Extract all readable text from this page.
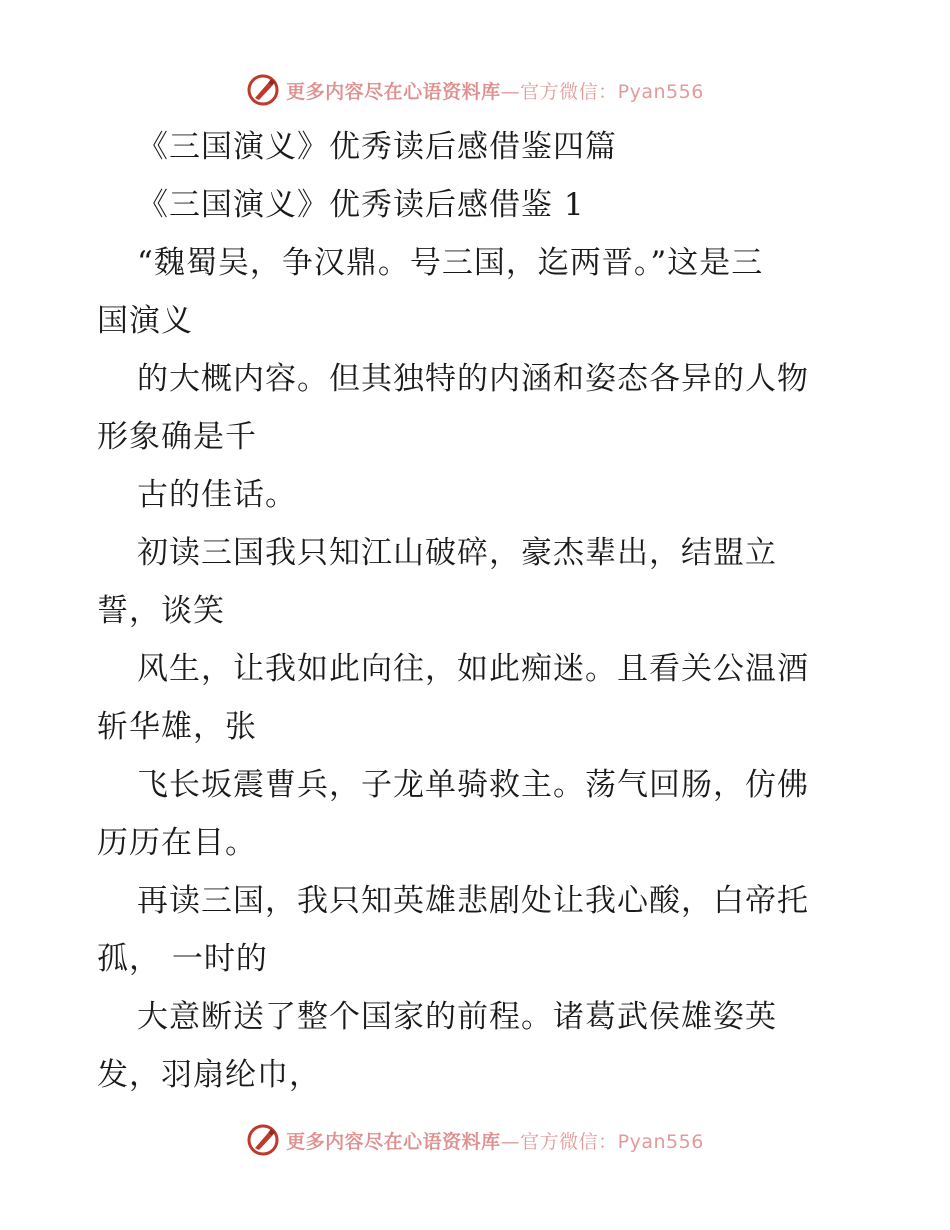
更多内容尽在心语资料库—官方微信：Pyan556
《三国演义》优秀读后感借鉴四篇
《三国演义》优秀读后感借鉴 1
“魏蜀吴，争汉鼎。号三国，迄两晋。”这是三
国演义
的大概内容。但其独特的内涵和姿态各异的人物
形象确是千
古的佳话。
初读三国我只知江山破碎，豪杰辈出，结盟立
誓，谈笑
风生，让我如此向往，如此痴迷。且看关公温酒
斩华雄，张
飞长坂震曹兵，子龙单骑救主。荡气回肠，仿佛
历历在目。
再读三国，我只知英雄悲剧处让我心酸，白帝托
孤， 一时的
大意断送了整个国家的前程。诸葛武侯雄姿英
发，羽扇纶巾，
更多内容尽在心语资料库—官方微信：Pyan556
